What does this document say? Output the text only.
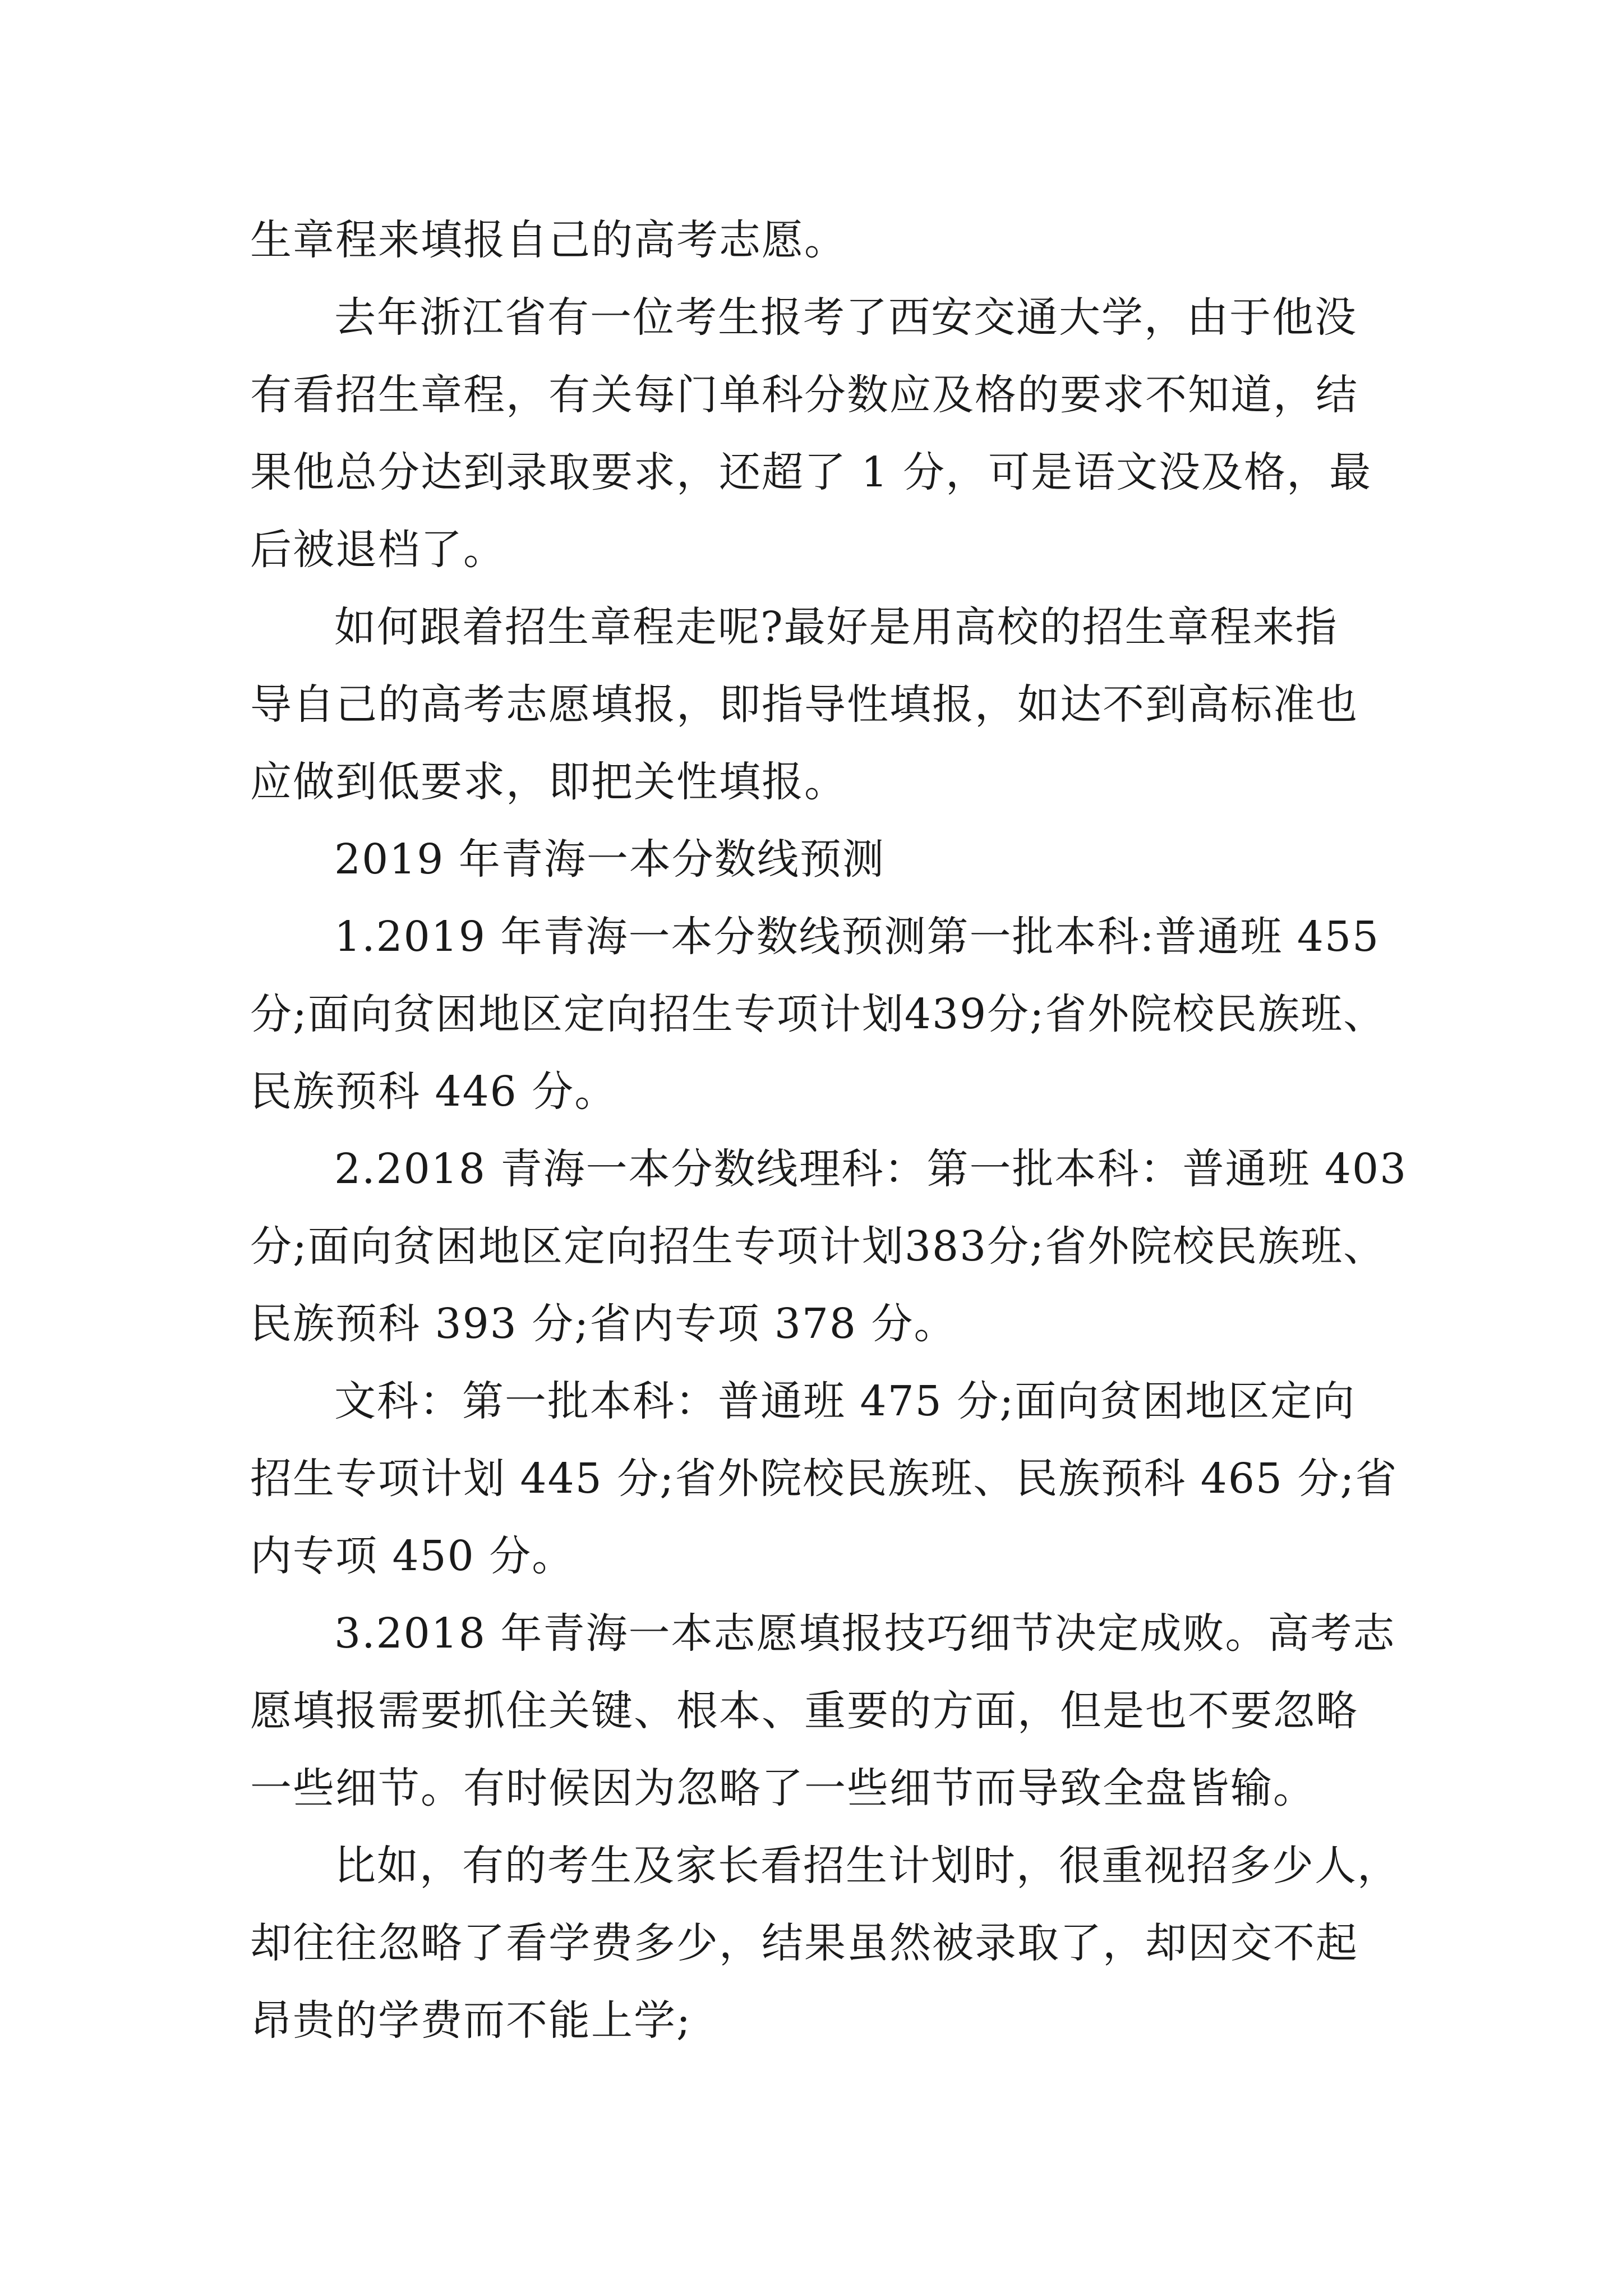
生章程来填报自己的高考志愿。

去年浙江省有一位考生报考了西安交通大学，由于他没

有看招生章程，有关每门单科分数应及格的要求不知道，结

果他总分达到录取要求，还超了 1 分，可是语文没及格，最

后被退档了。

如何跟着招生章程走呢?最好是用高校的招生章程来指

导自己的高考志愿填报，即指导性填报，如达不到高标准也

应做到低要求，即把关性填报。

2019 年青海一本分数线预测

1.2019 年青海一本分数线预测第一批本科:普通班 455

分;面向贫困地区定向招生专项计划439分;省外院校民族班、

民族预科 446 分。

2.2018 青海一本分数线理科：第一批本科：普通班 403

分;面向贫困地区定向招生专项计划383分;省外院校民族班、

民族预科 393 分;省内专项 378 分。

文科：第一批本科：普通班 475 分;面向贫困地区定向

招生专项计划 445 分;省外院校民族班、民族预科 465 分;省

内专项 450 分。

3.2018 年青海一本志愿填报技巧细节决定成败。高考志

愿填报需要抓住关键、根本、重要的方面，但是也不要忽略

一些细节。有时候因为忽略了一些细节而导致全盘皆输。

比如，有的考生及家长看招生计划时，很重视招多少人，

却往往忽略了看学费多少，结果虽然被录取了，却因交不起

昂贵的学费而不能上学;
